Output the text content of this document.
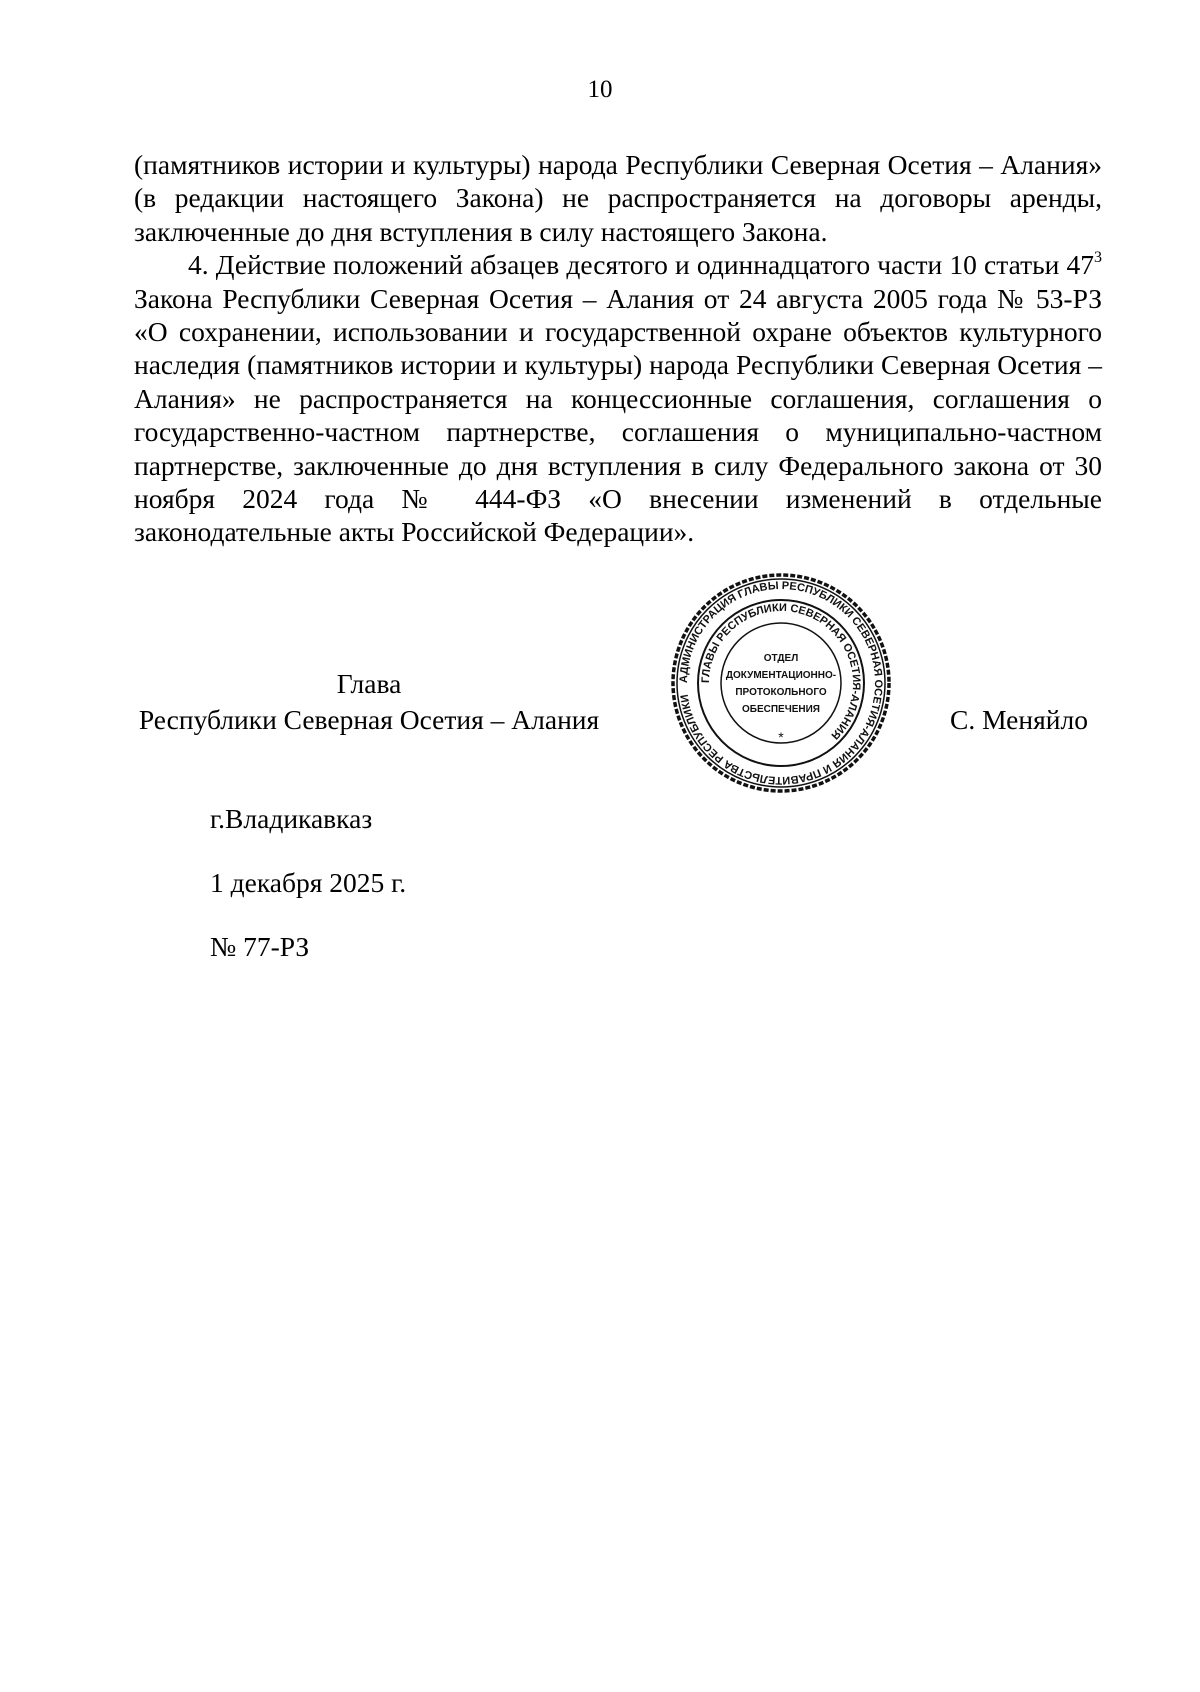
10

(памятников истории и культуры) народа Республики Северная Осетия – Алания» (в редакции настоящего Закона) не распространяется на договоры аренды, заключенные до дня вступления в силу настоящего Закона.

4. Действие положений абзацев десятого и одиннадцатого части 10 статьи $47^3$ Закона Республики Северная Осетия – Алания от 24 августа 2005 года № 53-РЗ «О сохранении, использовании и государственной охране объектов культурного наследия (памятников истории и культуры) народа Республики Северная Осетия – Алания» не распространяется на концессионные соглашения, соглашения о государственно-частном партнерстве, соглашения о муниципально-частном партнерстве, заключенные до дня вступления в силу Федерального закона от 30 ноября 2024 года № 444-ФЗ «О внесении изменений в отдельные законодательные акты Российской Федерации».

Глава
Республики Северная Осетия – Алания
АДМИНИСТРАЦИЯ ГЛАВЫ РЕСПУБЛИКИ СЕВЕРНАЯ ОСЕТИЯ-АЛАНИЯ И ПРАВИТЕЛЬСТВА РЕСПУБЛИКИ
ГЛАВЫ РЕСПУБЛИКИ СЕВЕРНАЯ ОСЕТИЯ-АЛАНИЯ
ОТДЕЛ
ДОКУМЕНТАЦИОННО-
ПРОТОКОЛЬНОГО
ОБЕСПЕЧЕНИЯ
*
С. Меняйло
г.Владикавказ
1 декабря 2025 г.
№ 77-РЗ
